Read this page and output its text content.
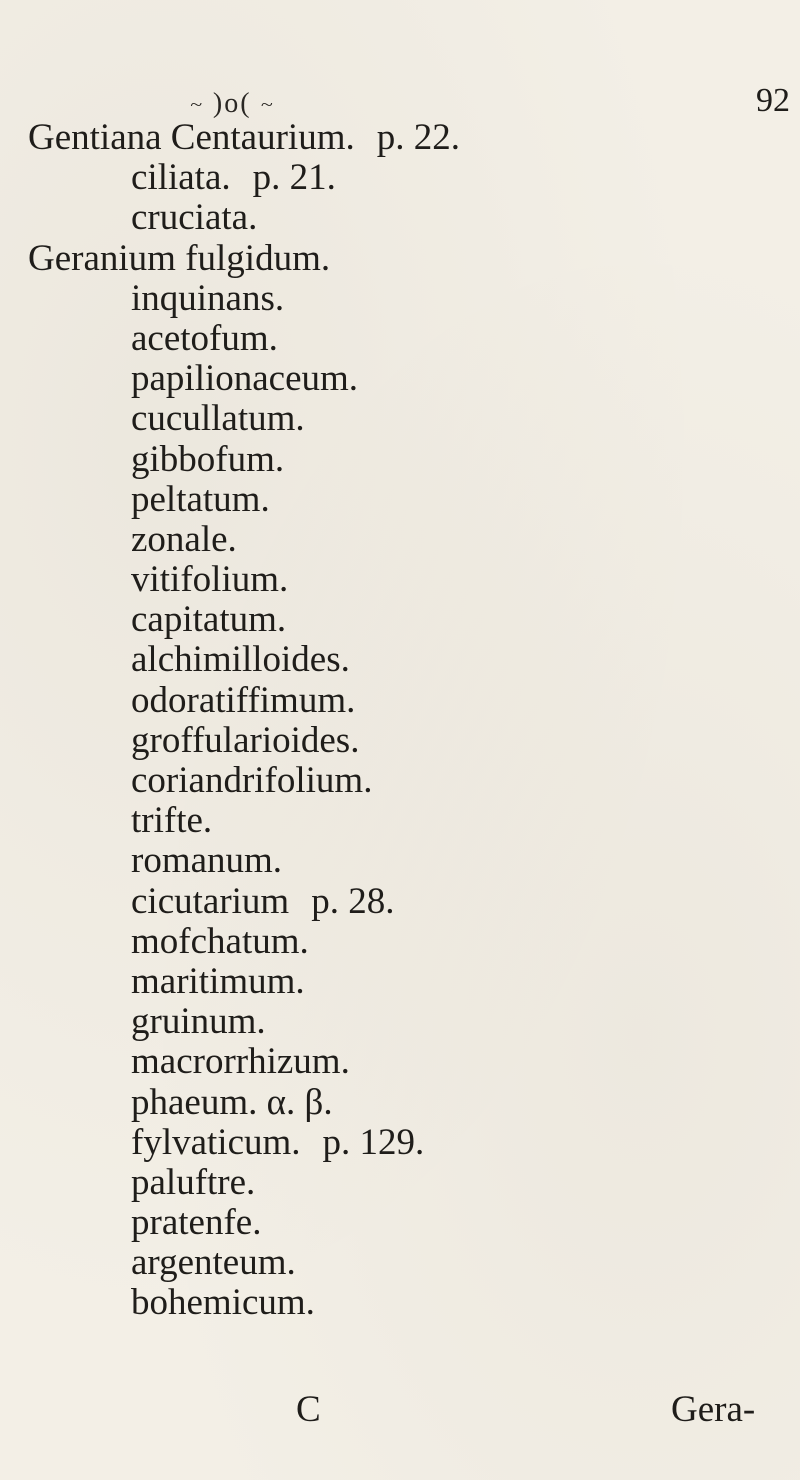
~ )o( ~	92
Gentiana Centaurium. p. 22.
ciliata. p. 21.
cruciata.
Geranium fulgidum.
inquinans.
acetofum.
papilionaceum.
cucullatum.
gibbofum.
peltatum.
zonale.
vitifolium.
capitatum.
alchimilloides.
odoratiffimum.
groffularioides.
coriandrifolium.
trifte.
romanum.
cicutarium p. 28.
mofchatum.
maritimum.
gruinum.
macrorrhizum.
phaeum. α. β.
fylvaticum. p. 129.
paluftre.
pratenfe.
argenteum.
bohemicum.
C	Gera-
